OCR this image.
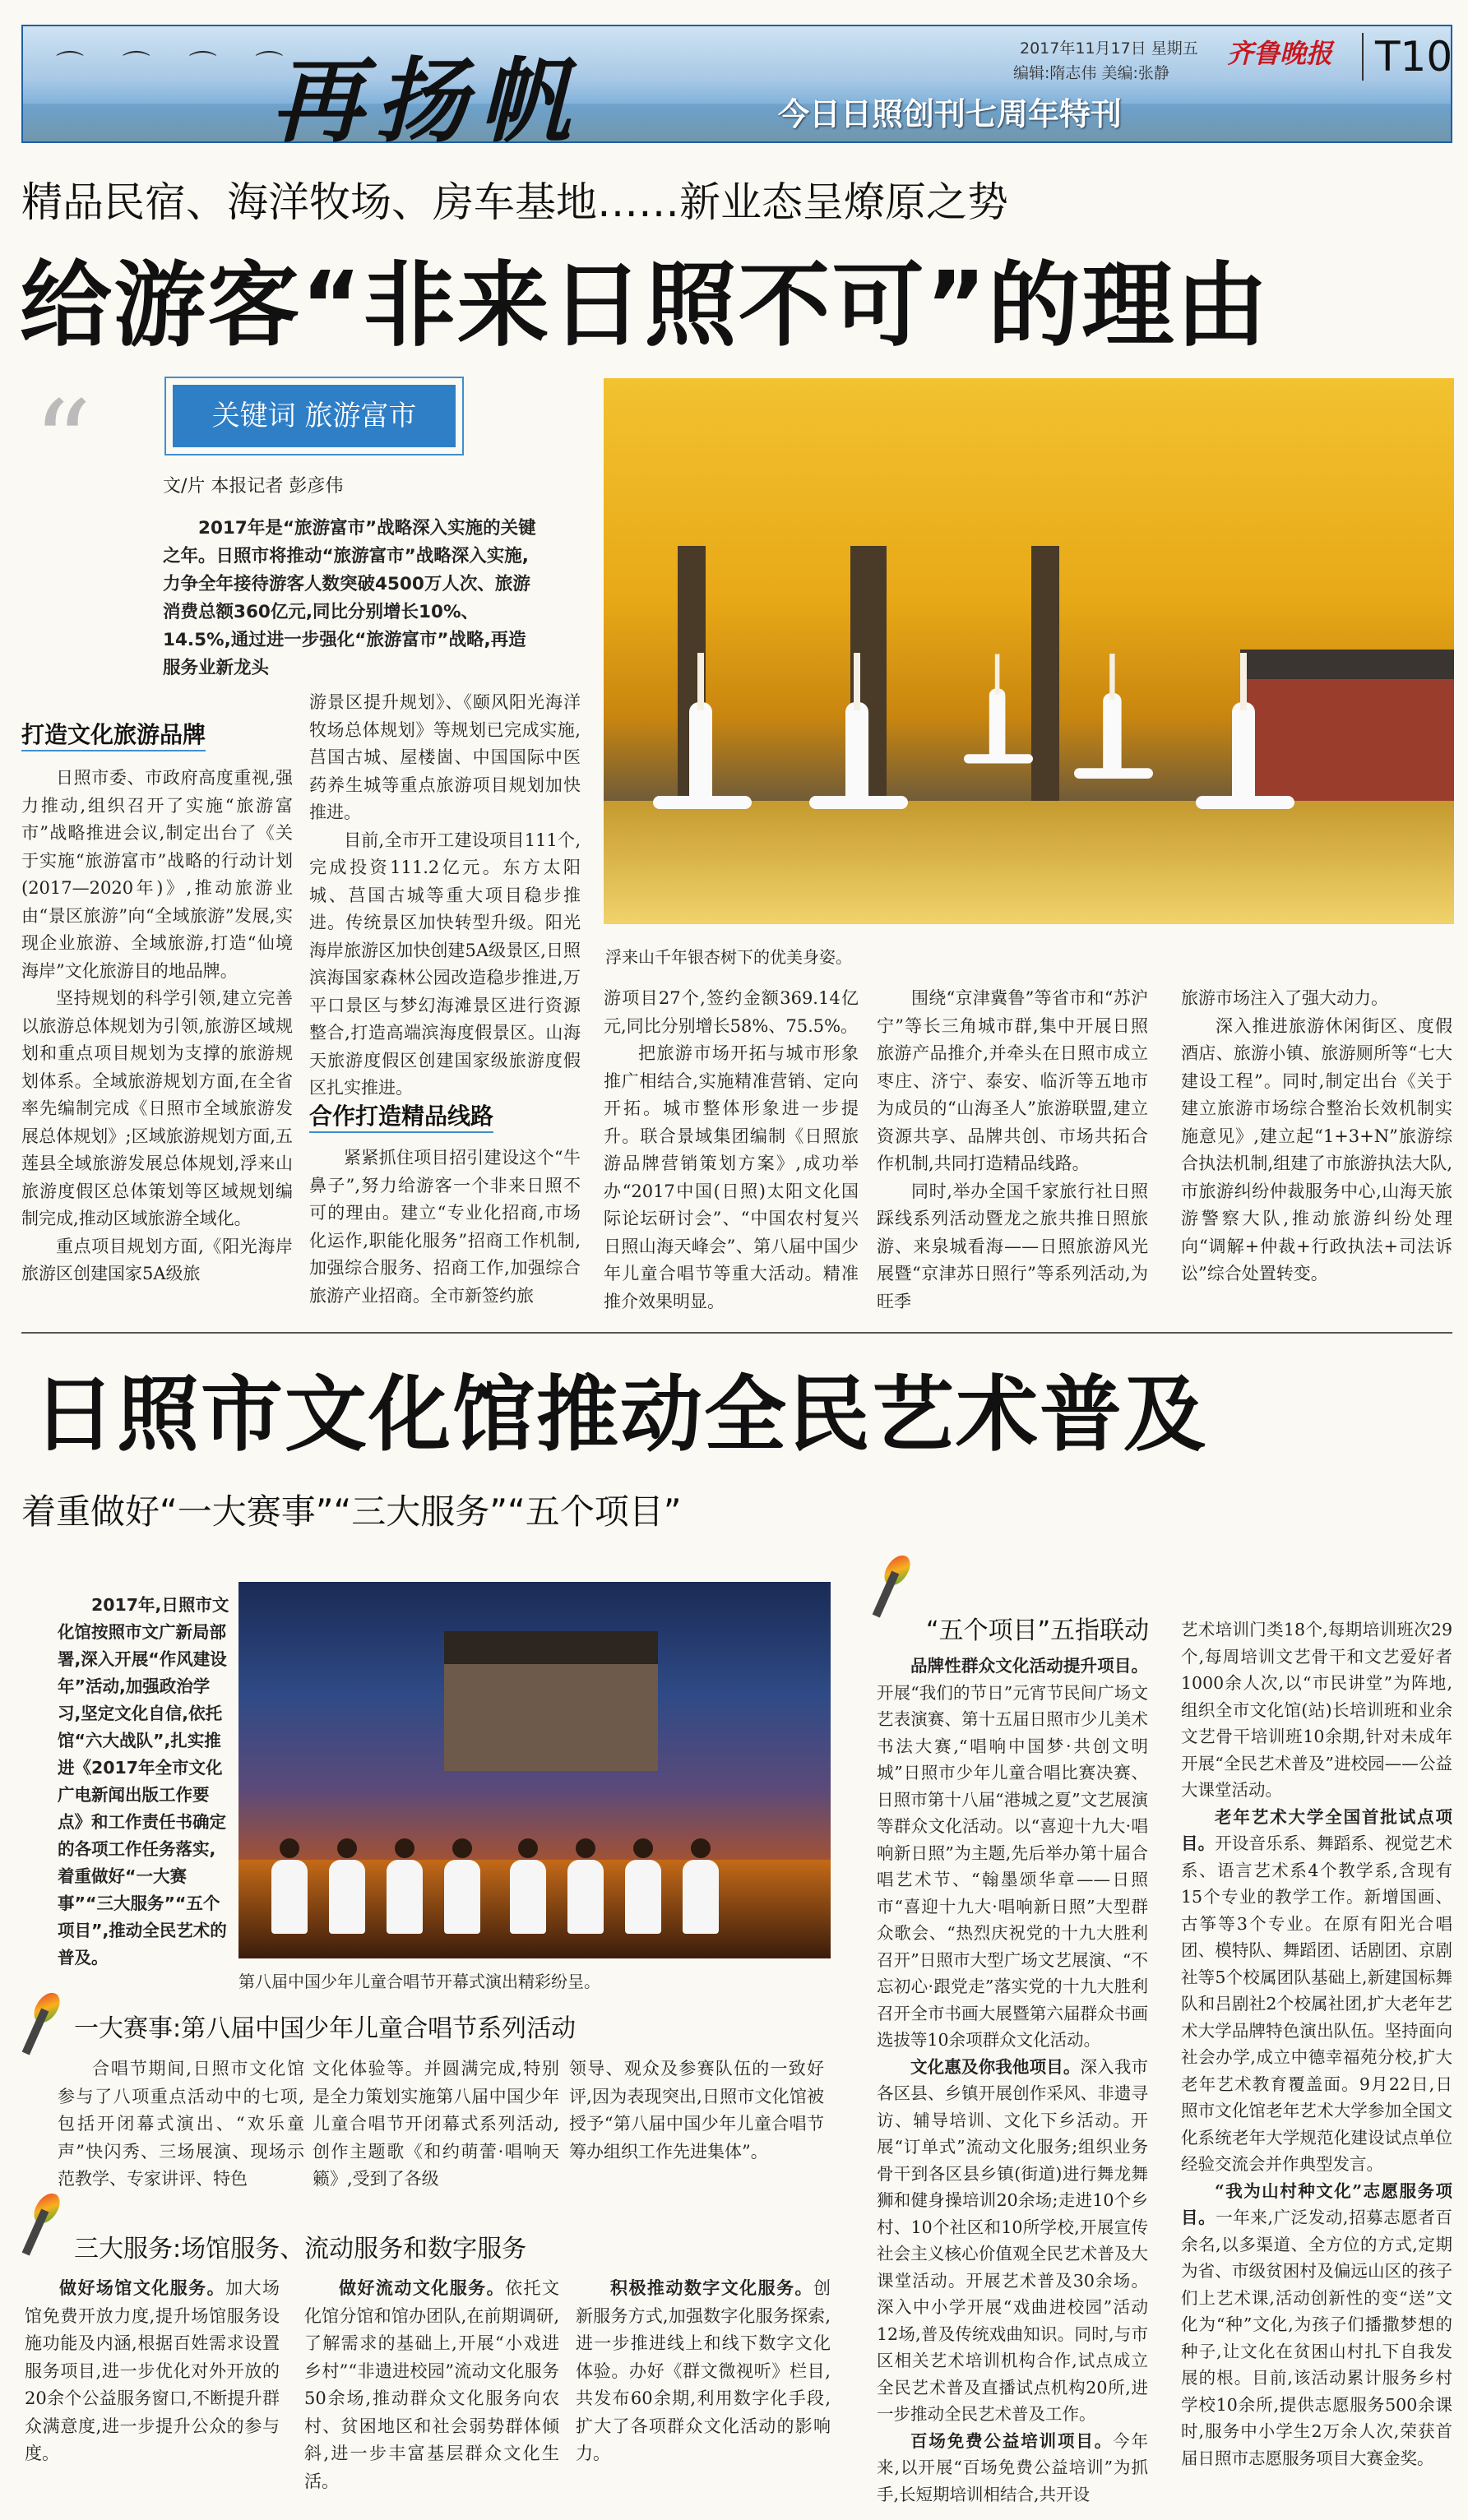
⌒ ⌒ ⌒ ⌒
再扬帆	今日日照创刊七周年特刊
2017年11月17日 星期五
编辑:隋志伟 美编:张静
齐鲁晚报	T10
精品民宿、海洋牧场、房车基地……新业态呈燎原之势
给游客“非来日照不可”的理由
“	关键词 旅游富市
文/片 本报记者 彭彦伟
2017年是“旅游富市”战略深入实施的关键之年。日照市将推动“旅游富市”战略深入实施,力争全年接待游客人数突破4500万人次、旅游消费总额360亿元,同比分别增长10%、14.5%,通过进一步强化“旅游富市”战略,再造服务业新龙头
浮来山千年银杏树下的优美身姿。
打造文化旅游品牌

日照市委、市政府高度重视,强力推动,组织召开了实施“旅游富市”战略推进会议,制定出台了《关于实施“旅游富市”战略的行动计划(2017—2020年)》,推动旅游业由“景区旅游”向“全域旅游”发展,实现企业旅游、全域旅游,打造“仙境海岸”文化旅游目的地品牌。

坚持规划的科学引领,建立完善以旅游总体规划为引领,旅游区域规划和重点项目规划为支撑的旅游规划体系。全域旅游规划方面,在全省率先编制完成《日照市全域旅游发展总体规划》;区域旅游规划方面,五莲县全域旅游发展总体规划,浮来山旅游度假区总体策划等区域规划编制完成,推动区域旅游全域化。

重点项目规划方面,《阳光海岸旅游区创建国家5A级旅

游景区提升规划》、《颐风阳光海洋牧场总体规划》等规划已完成实施,莒国古城、屋楼崮、中国国际中医药养生城等重点旅游项目规划加快推进。

目前,全市开工建设项目111个,完成投资111.2亿元。东方太阳城、莒国古城等重大项目稳步推进。传统景区加快转型升级。阳光海岸旅游区加快创建5A级景区,日照滨海国家森林公园改造稳步推进,万平口景区与梦幻海滩景区进行资源整合,打造高端滨海度假景区。山海天旅游度假区创建国家级旅游度假区扎实推进。

合作打造精品线路

紧紧抓住项目招引建设这个“牛鼻子”,努力给游客一个非来日照不可的理由。建立“专业化招商,市场化运作,职能化服务”招商工作机制,加强综合服务、招商工作,加强综合旅游产业招商。全市新签约旅

游项目27个,签约金额369.14亿元,同比分别增长58%、75.5%。

把旅游市场开拓与城市形象推广相结合,实施精准营销、定向开拓。城市整体形象进一步提升。联合景域集团编制《日照旅游品牌营销策划方案》,成功举办“2017中国(日照)太阳文化国际论坛研讨会”、“中国农村复兴日照山海天峰会”、第八届中国少年儿童合唱节等重大活动。精准推介效果明显。

围绕“京津冀鲁”等省市和“苏沪宁”等长三角城市群,集中开展日照旅游产品推介,并牵头在日照市成立枣庄、济宁、泰安、临沂等五地市为成员的“山海圣人”旅游联盟,建立资源共享、品牌共创、市场共拓合作机制,共同打造精品线路。

同时,举办全国千家旅行社日照踩线系列活动暨龙之旅共推日照旅游、来泉城看海——日照旅游风光展暨“京津苏日照行”等系列活动,为旺季

旅游市场注入了强大动力。

深入推进旅游休闲街区、度假酒店、旅游小镇、旅游厕所等“七大建设工程”。同时,制定出台《关于建立旅游市场综合整治长效机制实施意见》,建立起“1+3+N”旅游综合执法机制,组建了市旅游执法大队,市旅游纠纷仲裁服务中心,山海天旅游警察大队,推动旅游纠纷处理向“调解+仲裁+行政执法+司法诉讼”综合处置转变。

日照市文化馆推动全民艺术普及
着重做好“一大赛事”“三大服务”“五个项目”
2017年,日照市文化馆按照市文广新局部署,深入开展“作风建设年”活动,加强政治学习,坚定文化自信,依托馆“六大战队”,扎实推进《2017年全市文化广电新闻出版工作要点》和工作责任书确定的各项工作任务落实,着重做好“一大赛事”“三大服务”“五个项目”,推动全民艺术的普及。
第八届中国少年儿童合唱节开幕式演出精彩纷呈。
一大赛事:第八届中国少年儿童合唱节系列活动
合唱节期间,日照市文化馆参与了八项重点活动中的七项,包括开闭幕式演出、“欢乐童声”快闪秀、三场展演、现场示范教学、专家讲评、特色
文化体验等。并圆满完成,特别是全力策划实施第八届中国少年儿童合唱节开闭幕式系列活动,创作主题歌《和约萌蕾·唱响天籁》,受到了各级
领导、观众及参赛队伍的一致好评,因为表现突出,日照市文化馆被授予“第八届中国少年儿童合唱节筹办组织工作先进集体”。
三大服务:场馆服务、流动服务和数字服务
做好场馆文化服务。加大场馆免费开放力度,提升场馆服务设施功能及内涵,根据百姓需求设置服务项目,进一步优化对外开放的20余个公益服务窗口,不断提升群众满意度,进一步提升公众的参与度。
做好流动文化服务。依托文化馆分馆和馆办团队,在前期调研,了解需求的基础上,开展“小戏进乡村”“非遗进校园”流动文化服务50余场,推动群众文化服务向农村、贫困地区和社会弱势群体倾斜,进一步丰富基层群众文化生活。
积极推动数字文化服务。创新服务方式,加强数字化服务探索,进一步推进线上和线下数字文化体验。办好《群文微视听》栏目,共发布60余期,利用数字化手段,扩大了各项群众文化活动的影响力。
“五个项目”五指联动

品牌性群众文化活动提升项目。开展“我们的节日”元宵节民间广场文艺表演赛、第十五届日照市少儿美术书法大赛,“唱响中国梦·共创文明城”日照市少年儿童合唱比赛决赛、日照市第十八届“港城之夏”文艺展演等群众文化活动。以“喜迎十九大·唱响新日照”为主题,先后举办第十届合唱艺术节、“翰墨颂华章——日照市“喜迎十九大·唱响新日照”大型群众歌会、“热烈庆祝党的十九大胜利召开”日照市大型广场文艺展演、“不忘初心·跟党走”落实党的十九大胜利召开全市书画大展暨第六届群众书画选拔等10余项群众文化活动。

文化惠及你我他项目。深入我市各区县、乡镇开展创作采风、非遗寻访、辅导培训、文化下乡活动。开展“订单式”流动文化服务;组织业务骨干到各区县乡镇(街道)进行舞龙舞狮和健身操培训20余场;走进10个乡村、10个社区和10所学校,开展宣传社会主义核心价值观全民艺术普及大课堂活动。开展艺术普及30余场。深入中小学开展“戏曲进校园”活动12场,普及传统戏曲知识。同时,与市区相关艺术培训机构合作,试点成立全民艺术普及直播试点机构20所,进一步推动全民艺术普及工作。

百场免费公益培训项目。今年来,以开展“百场免费公益培训”为抓手,长短期培训相结合,共开设

艺术培训门类18个,每期培训班次29个,每周培训文艺骨干和文艺爱好者1000余人次,以“市民讲堂”为阵地,组织全市文化馆(站)长培训班和业余文艺骨干培训班10余期,针对未成年开展“全民艺术普及”进校园——公益大课堂活动。

老年艺术大学全国首批试点项目。开设音乐系、舞蹈系、视觉艺术系、语言艺术系4个教学系,含现有15个专业的教学工作。新增国画、古筝等3个专业。在原有阳光合唱团、模特队、舞蹈团、话剧团、京剧社等5个校属团队基础上,新建国标舞队和吕剧社2个校属社团,扩大老年艺术大学品牌特色演出队伍。坚持面向社会办学,成立中德幸福苑分校,扩大老年艺术教育覆盖面。9月22日,日照市文化馆老年艺术大学参加全国文化系统老年大学规范化建设试点单位经验交流会并作典型发言。

“我为山村种文化”志愿服务项目。一年来,广泛发动,招募志愿者百余名,以多渠道、全方位的方式,定期为省、市级贫困村及偏远山区的孩子们上艺术课,活动创新性的变“送”文化为“种”文化,为孩子们播撒梦想的种子,让文化在贫困山村扎下自我发展的根。目前,该活动累计服务乡村学校10余所,提供志愿服务500余课时,服务中小学生2万余人次,荣获首届日照市志愿服务项目大赛金奖。
